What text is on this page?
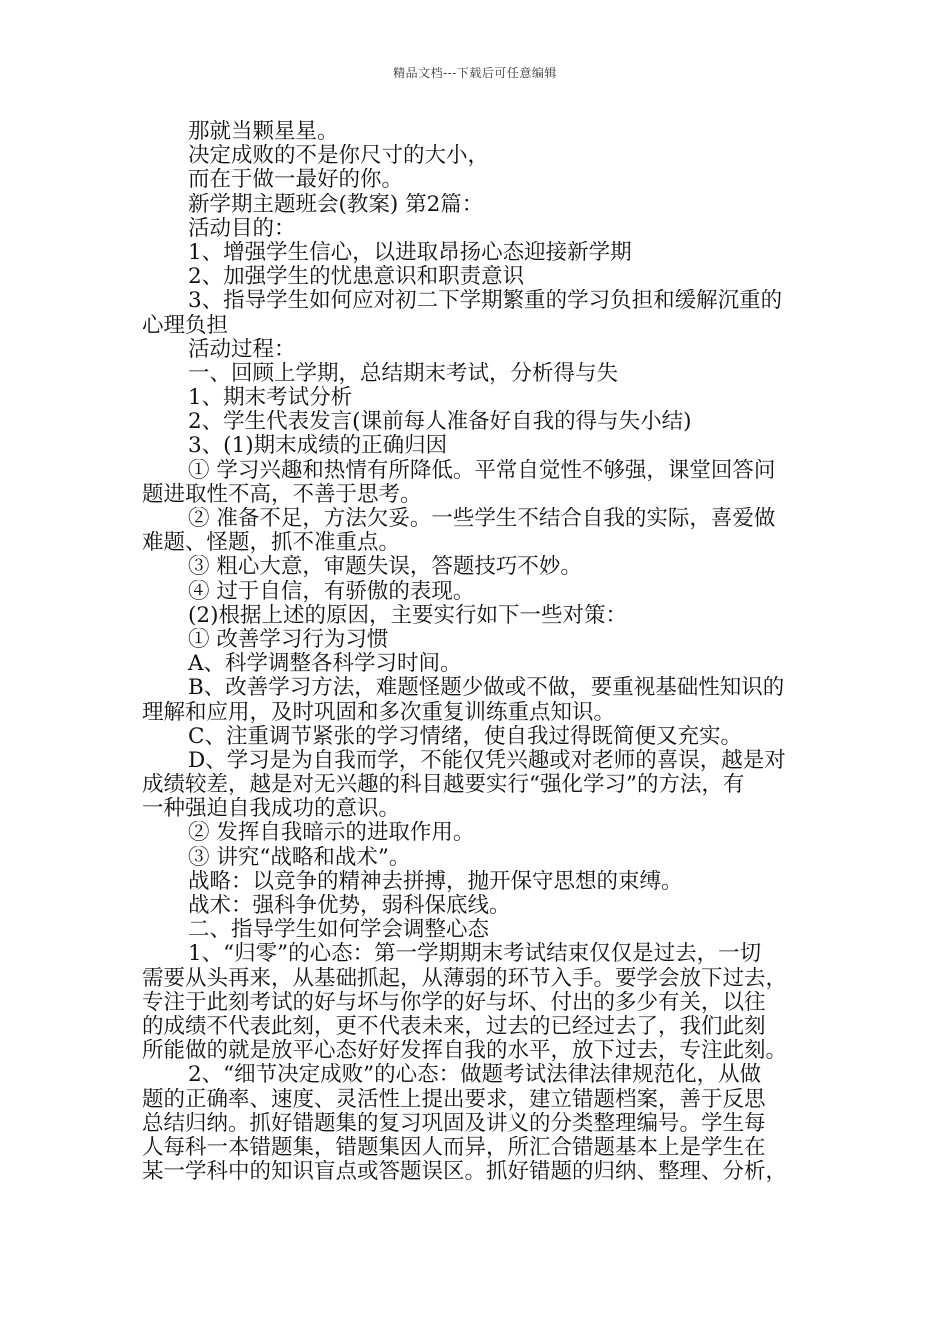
精品文档---下载后可任意编辑
那就当颗星星。
决定成败的不是你尺寸的大小，
而在于做一最好的你。
新学期主题班会(教案) 第2篇：
活动目的：
1、增强学生信心，以进取昂扬心态迎接新学期
2、加强学生的忧患意识和职责意识
3、指导学生如何应对初二下学期繁重的学习负担和缓解沉重的
心理负担
活动过程：
一、回顾上学期，总结期末考试，分析得与失
1、期末考试分析
2、学生代表发言(课前每人准备好自我的得与失小结)
3、(1)期末成绩的正确归因
① 学习兴趣和热情有所降低。平常自觉性不够强，课堂回答问
题进取性不高，不善于思考。
② 准备不足，方法欠妥。一些学生不结合自我的实际，喜爱做
难题、怪题，抓不准重点。
③ 粗心大意，审题失误，答题技巧不妙。
④ 过于自信，有骄傲的表现。
(2)根据上述的原因，主要实行如下一些对策：
① 改善学习行为习惯
A、科学调整各科学习时间。
B、改善学习方法，难题怪题少做或不做，要重视基础性知识的
理解和应用，及时巩固和多次重复训练重点知识。
C、注重调节紧张的学习情绪，使自我过得既简便又充实。
D、学习是为自我而学，不能仅凭兴趣或对老师的喜误，越是对
成绩较差，越是对无兴趣的科目越要实行“强化学习”的方法，有
一种强迫自我成功的意识。
② 发挥自我暗示的进取作用。
③ 讲究“战略和战术”。
战略：以竞争的精神去拼搏，抛开保守思想的束缚。
战术：强科争优势，弱科保底线。
二、指导学生如何学会调整心态
1、“归零”的心态：第一学期期末考试结束仅仅是过去，一切
需要从头再来，从基础抓起，从薄弱的环节入手。要学会放下过去，
专注于此刻考试的好与坏与你学的好与坏、付出的多少有关，以往
的成绩不代表此刻，更不代表未来，过去的已经过去了，我们此刻
所能做的就是放平心态好好发挥自我的水平，放下过去，专注此刻。
2、“细节决定成败”的心态：做题考试法律法律规范化，从做
题的正确率、速度、灵活性上提出要求，建立错题档案，善于反思
总结归纳。抓好错题集的复习巩固及讲义的分类整理编号。学生每
人每科一本错题集，错题集因人而异，所汇合错题基本上是学生在
某一学科中的知识盲点或答题误区。抓好错题的归纳、整理、分析，
